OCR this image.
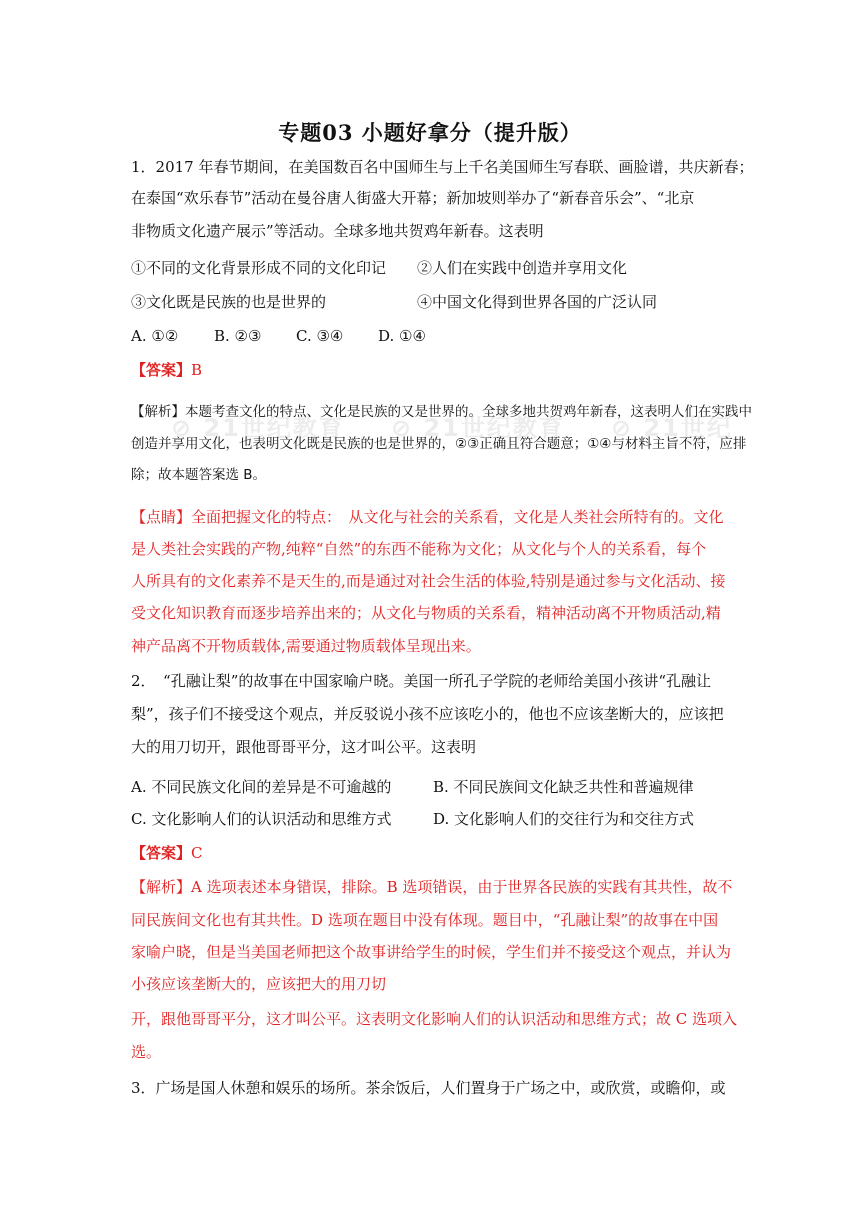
专题03 小题好拿分（提升版）
1．2017 年春节期间，在美国数百名中国师生与上千名美国师生写春联、画脸谱，共庆新春；
在泰国“欢乐春节”活动在曼谷唐人街盛大开幕；新加坡则举办了“新春音乐会”、“北京
非物质文化遗产展示”等活动。全球多地共贺鸡年新春。这表明
①不同的文化背景形成不同的文化印记 ②人们在实践中创造并享用文化
③文化既是民族的也是世界的	④中国文化得到世界各国的广泛认同
A. ①② B. ②③ C. ③④ D. ①④
【答案】B
⊘ 21世纪教育 ⊘ 21世纪教育 ⊘ 21世纪
【解析】本题考查文化的特点、文化是民族的又是世界的。全球多地共贺鸡年新春，这表明人们在实践中
创造并享用文化，也表明文化既是民族的也是世界的，②③正确且符合题意；①④与材料主旨不符，应排
除；故本题答案选 B。
【点睛】全面把握文化的特点：　从文化与社会的关系看，文化是人类社会所特有的。文化
是人类社会实践的产物,纯粹“自然”的东西不能称为文化；从文化与个人的关系看，每个
人所具有的文化素养不是天生的,而是通过对社会生活的体验,特别是通过参与文化活动、接
受文化知识教育而逐步培养出来的；从文化与物质的关系看，精神活动离不开物质活动,精
神产品离不开物质载体,需要通过物质载体呈现出来。
2．　“孔融让梨”的故事在中国家喻户晓。美国一所孔子学院的老师给美国小孩讲“孔融让
梨”，孩子们不接受这个观点，并反驳说小孩不应该吃小的，他也不应该垄断大的，应该把
大的用刀切开，跟他哥哥平分，这才叫公平。这表明
A. 不同民族文化间的差异是不可逾越的	B. 不同民族间文化缺乏共性和普遍规律
C. 文化影响人们的认识活动和思维方式	D. 文化影响人们的交往行为和交往方式
【答案】C
【解析】A 选项表述本身错误，排除。B 选项错误，由于世界各民族的实践有其共性，故不
同民族间文化也有其共性。D 选项在题目中没有体现。题目中，“孔融让梨”的故事在中国
家喻户晓，但是当美国老师把这个故事讲给学生的时候，学生们并不接受这个观点，并认为
小孩应该垄断大的，应该把大的用刀切
开，跟他哥哥平分，这才叫公平。这表明文化影响人们的认识活动和思维方式；故 C 选项入
选。
3．广场是国人休憩和娱乐的场所。茶余饭后，人们置身于广场之中，或欣赏，或瞻仰，或
